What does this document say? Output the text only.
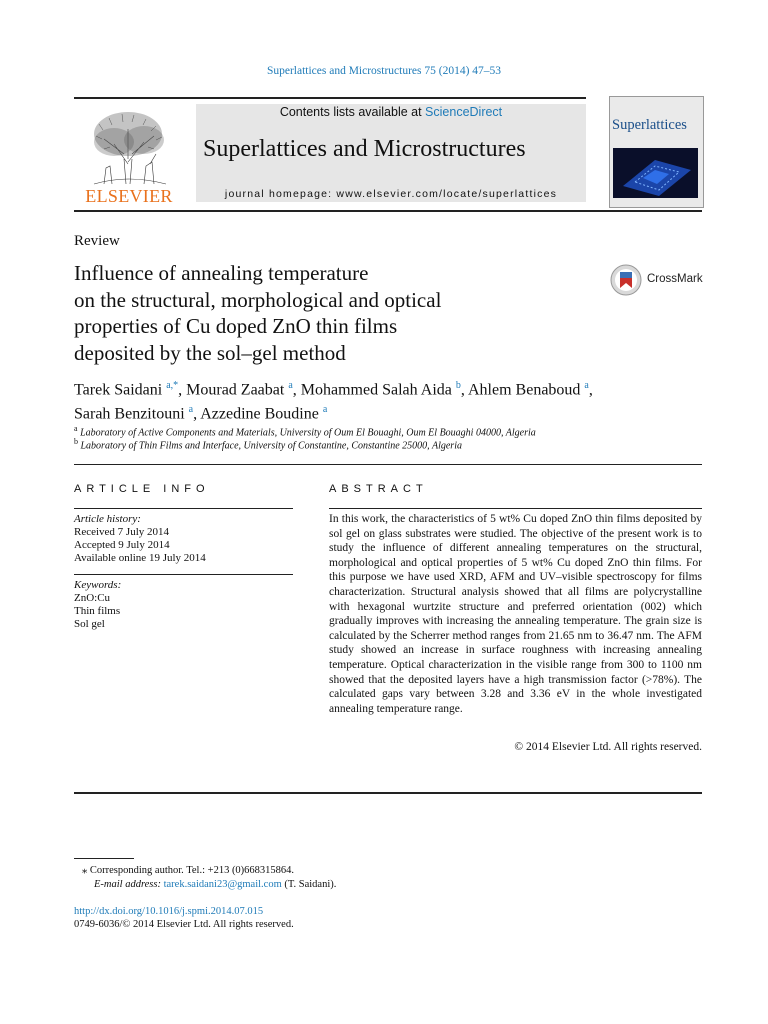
Superlattices and Microstructures 75 (2014) 47–53
ELSEVIER
Contents lists available at ScienceDirect
Superlattices and Microstructures
journal homepage: www.elsevier.com/locate/superlattices
Superlattices
Review
Influence of annealing temperature
on the structural, morphological and optical
properties of Cu doped ZnO thin films
deposited by the sol–gel method
CrossMark
Tarek Saidani $^{a,*}$, Mourad Zaabat $^a$, Mohammed Salah Aida $^b$, Ahlem Benaboud $^a$,
Sarah Benzitouni $^a$, Azzedine Boudine $^a$
$^a$ Laboratory of Active Components and Materials, University of Oum El Bouaghi, Oum El Bouaghi 04000, Algeria
$^b$ Laboratory of Thin Films and Interface, University of Constantine, Constantine 25000, Algeria
ARTICLE INFO
Article history:
Received 7 July 2014
Accepted 9 July 2014
Available online 19 July 2014
Keywords:
ZnO:Cu
Thin films
Sol gel
ABSTRACT
In this work, the characteristics of 5 wt% Cu doped ZnO thin films deposited by sol gel on glass substrates were studied. The objective of the present work is to study the influence of different annealing temperatures on the structural, morphological and optical properties of 5 wt% Cu doped ZnO thin films. For this purpose we have used XRD, AFM and UV–visible spectroscopy for films characterization. Structural analysis showed that all films are polycrystalline with hexagonal wurtzite structure and preferred orientation (002) which gradually improves with increasing the annealing temperature. The grain size is calculated by the Scherrer method ranges from 21.65 nm to 36.47 nm. The AFM study showed an increase in surface roughness with increasing annealing temperature. Optical characterization in the visible range from 300 to 1100 nm showed that the deposited layers have a high transmission factor (>78%). The calculated gaps vary between 3.28 and 3.36 eV in the whole investigated annealing temperature range.
© 2014 Elsevier Ltd. All rights reserved.
⁎ Corresponding author. Tel.: +213 (0)668315864.
E-mail address: tarek.saidani23@gmail.com (T. Saidani).
http://dx.doi.org/10.1016/j.spmi.2014.07.015
0749-6036/© 2014 Elsevier Ltd. All rights reserved.
